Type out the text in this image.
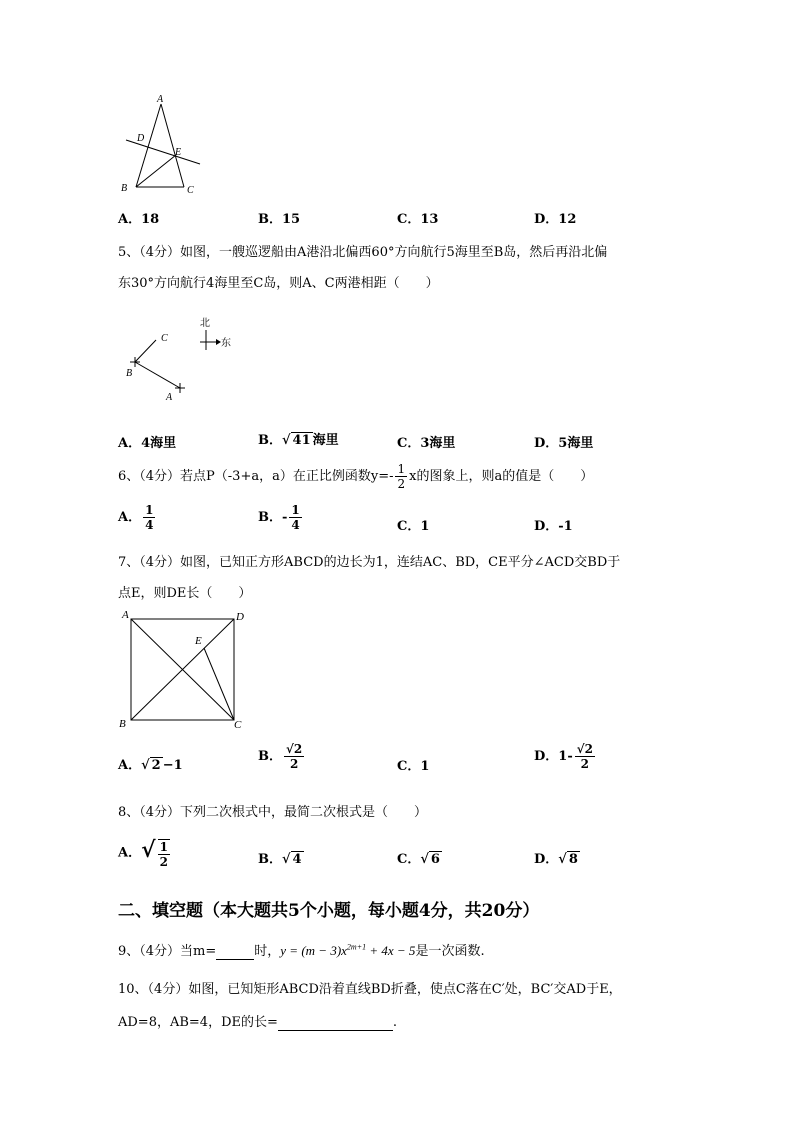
A
D
E
B	C
A．18	B．15	C．13	D．12
5、（4分）如图，一艘巡逻船由A港沿北偏西60°方向航行5海里至B岛，然后再沿北偏
东30°方向航行4海里至C岛，则A、C两港相距（　　）
C
B
A
北
东
A．4海里	B．√ 41 海里	C．3海里	D．5海里
6、（4分）若点P（-3+a，a）在正比例函数$y=- \frac{1}{2}$ x的图象上，则a的值是（　　）
A． $\frac{1}{4}$	B．- $\frac{1}{4}$	C．1	D．-1
7、（4分）如图，已知正方形ABCD的边长为1，连结AC、BD，CE平分∠ACD交BD于
点E，则DE长（　　）
A	D
E
B	C
A．√ 2 −1
B． $\frac{√2}{2}$	C．1
D．$1- \frac{√2}{2}$
8、（4分）下列二次根式中，最简二次根式是（　　）
A．√ $\frac{1}{2}$	B．√ 4	C．√ 6	D．√ 8
二、填空题（本大题共5个小题，每小题4分，共20分）
9、（4分）当m=	时，$y = (m - 3)x^{2m+1} + 4x - 5$是一次函数.
10、（4分）如图，已知矩形ABCD沿着直线BD折叠，使点C落在C′处，BC′交AD于E，
AD=8，AB=4，DE的长=	.
